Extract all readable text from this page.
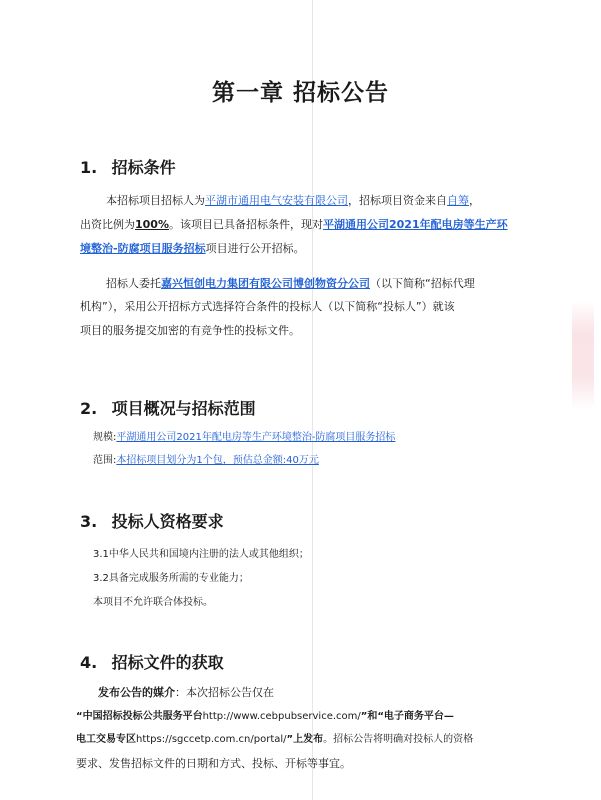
第一章 招标公告
1. 招标条件
本招标项目招标人为平湖市通用电气安装有限公司，招标项目资金来自自筹，
出资比例为100%。该项目已具备招标条件，现对平湖通用公司2021年配电房等生产环
境整治-防腐项目服务招标项目进行公开招标。
招标人委托嘉兴恒创电力集团有限公司博创物资分公司（以下简称“招标代理
机构”），采用公开招标方式选择符合条件的投标人（以下简称“投标人”）就该
项目的服务提交加密的有竞争性的投标文件。
2. 项目概况与招标范围
规模:平湖通用公司2021年配电房等生产环境整治-防腐项目服务招标
范围:本招标项目划分为1个包，预估总金额:40万元
3. 投标人资格要求
3.1中华人民共和国境内注册的法人或其他组织；
3.2具备完成服务所需的专业能力；
本项目不允许联合体投标。
4. 招标文件的获取
发布公告的媒介：本次招标公告仅在
“中国招标投标公共服务平台http://www.cebpubservice.com/”和“电子商务平台—
电工交易专区https://sgccetp.com.cn/portal/”上发布。招标公告将明确对投标人的资格
要求、发售招标文件的日期和方式、投标、开标等事宜。
